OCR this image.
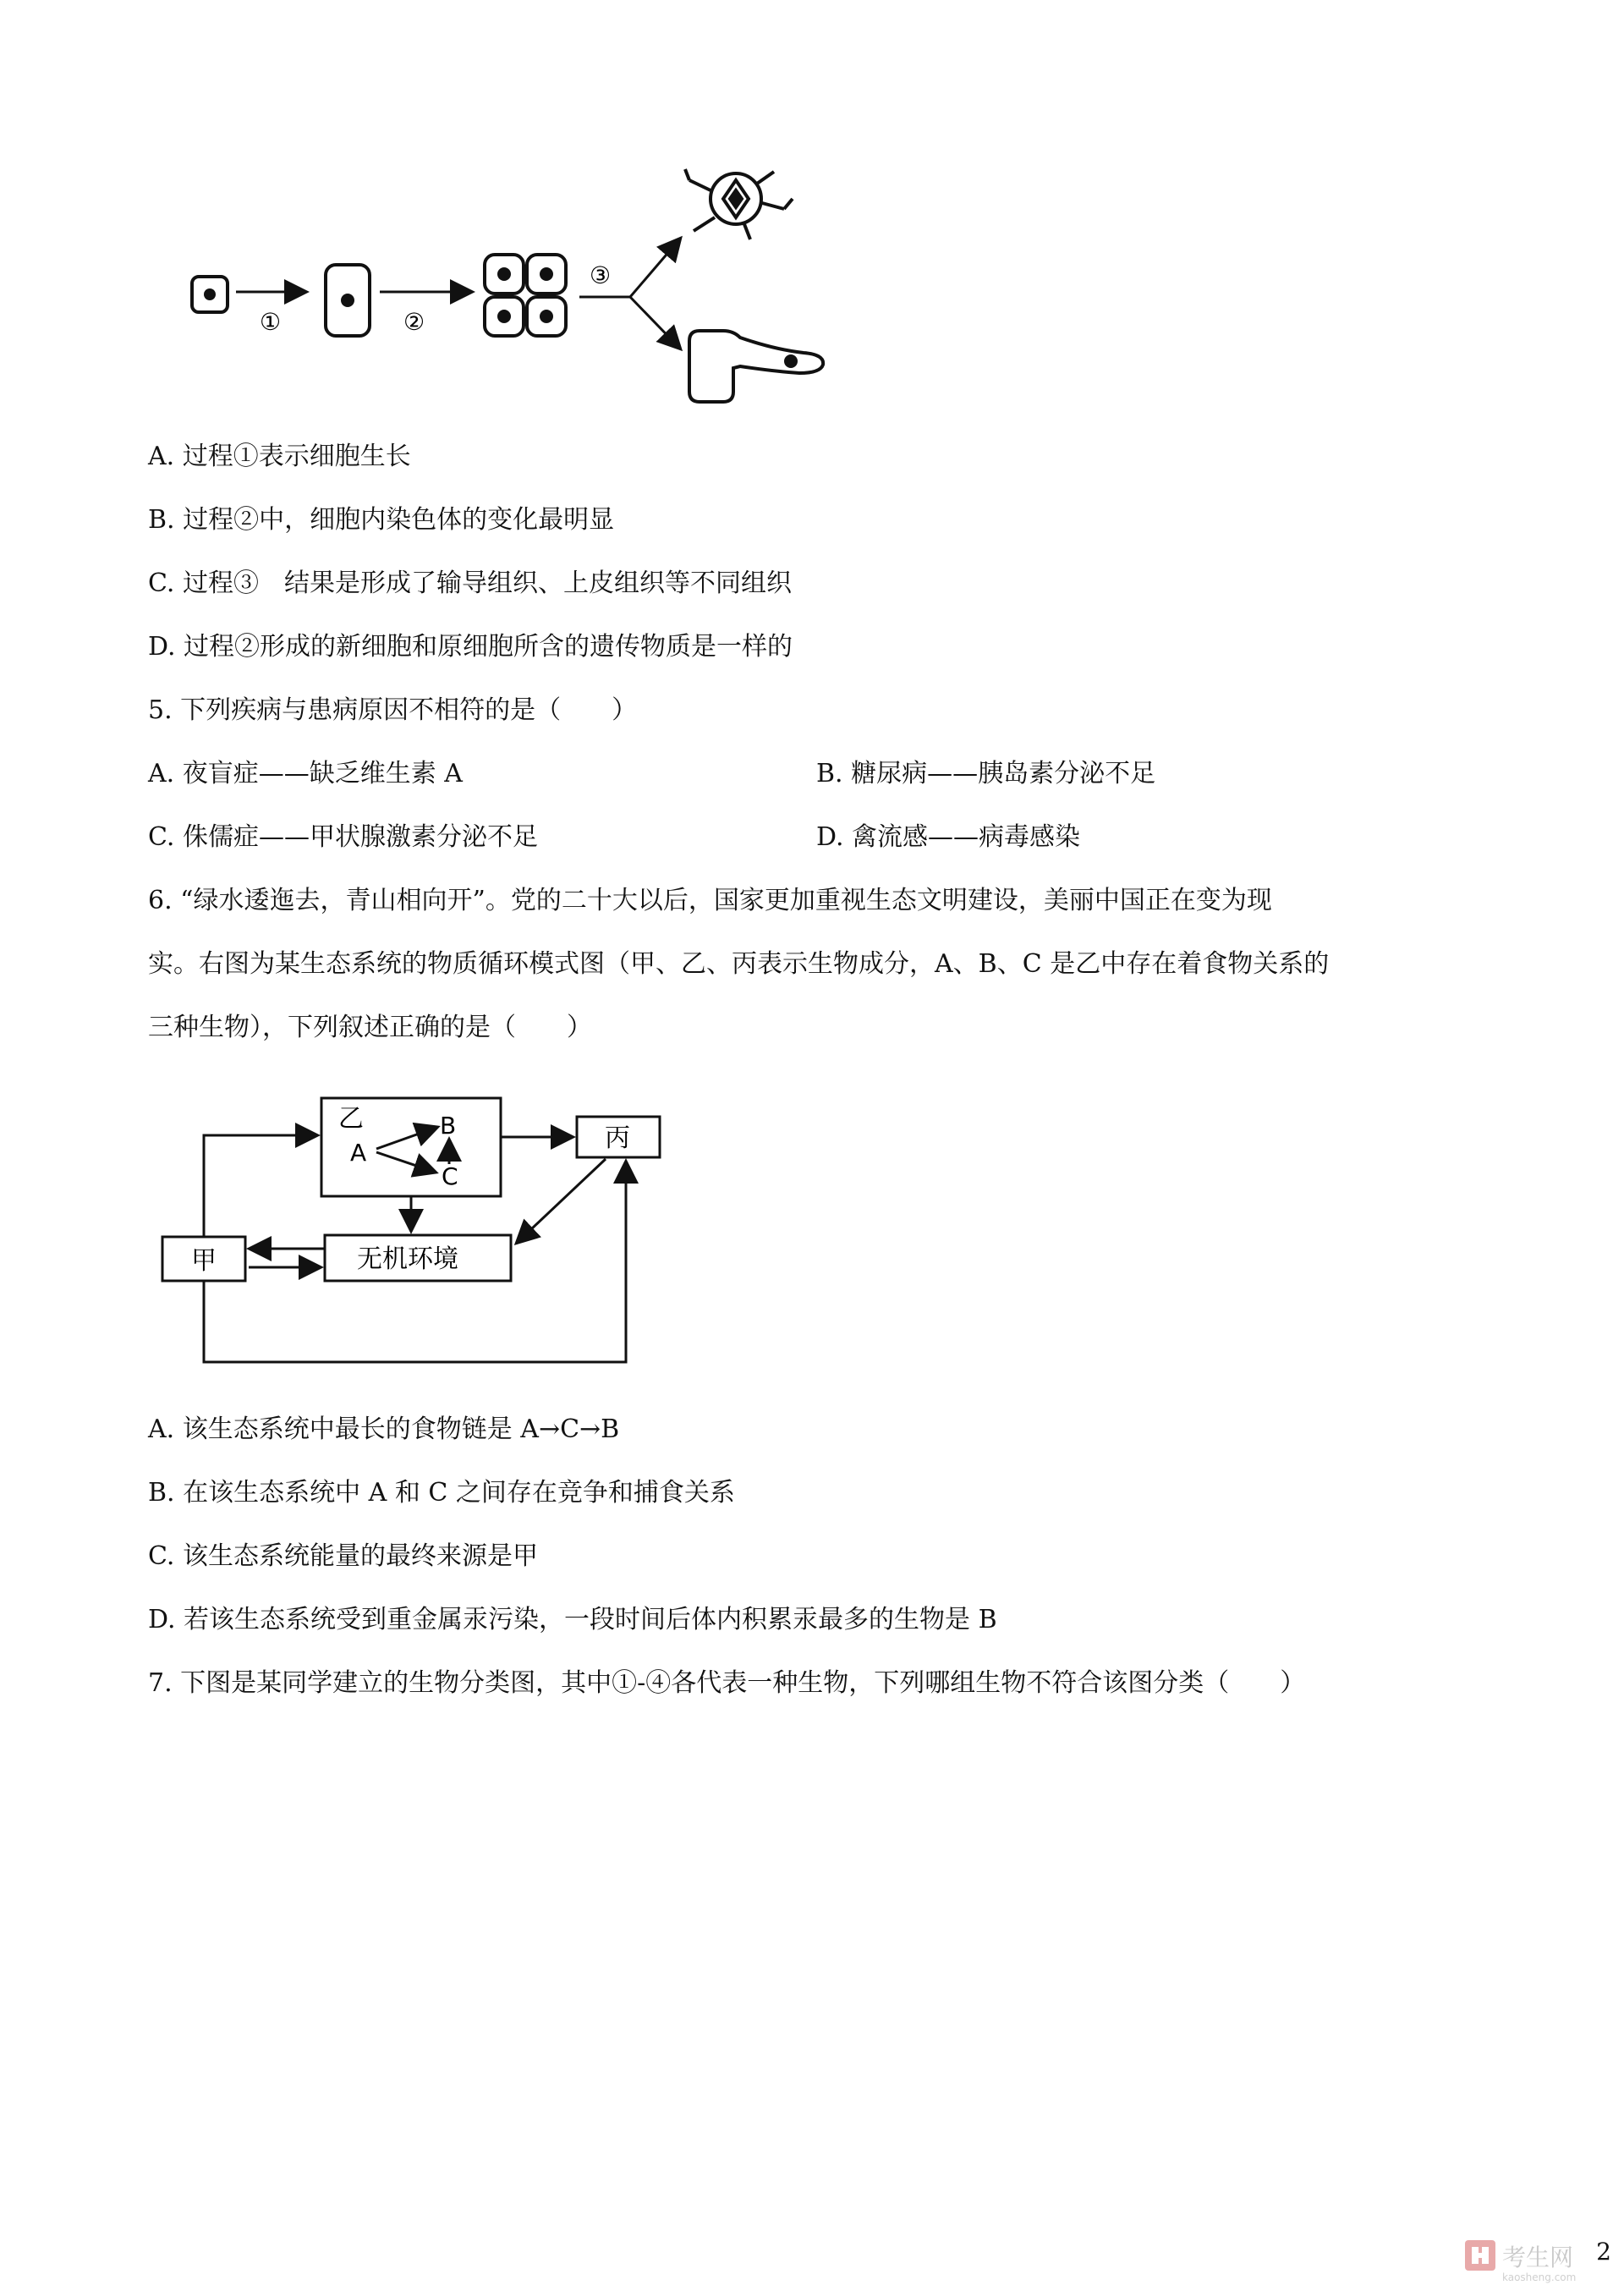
①	②
③
A. 过程①表示细胞生长
B. 过程②中，细胞内染色体的变化最明显
C. 过程③　结果是形成了输导组织、上皮组织等不同组织
D. 过程②形成的新细胞和原细胞所含的遗传物质是一样的
5. 下列疾病与患病原因不相符的是（　　）
A. 夜盲症——缺乏维生素 A	B. 糖尿病——胰岛素分泌不足
C. 侏儒症——甲状腺激素分泌不足	D. 禽流感——病毒感染
6. “绿水逶迤去，青山相向开”。党的二十大以后，国家更加重视生态文明建设，美丽中国正在变为现
实。右图为某生态系统的物质循环模式图（甲、乙、丙表示生物成分，A、B、C 是乙中存在着食物关系的
三种生物），下列叙述正确的是（　　）
乙
A
B
C
丙
甲	无机环境
A. 该生态系统中最长的食物链是 A→C→B
B. 在该生态系统中 A 和 C 之间存在竞争和捕食关系
C. 该生态系统能量的最终来源是甲
D. 若该生态系统受到重金属汞污染，一段时间后体内积累汞最多的生物是 B
7. 下图是某同学建立的生物分类图，其中①-④各代表一种生物，下列哪组生物不符合该图分类（　　）
2
考生网
kaosheng.com
